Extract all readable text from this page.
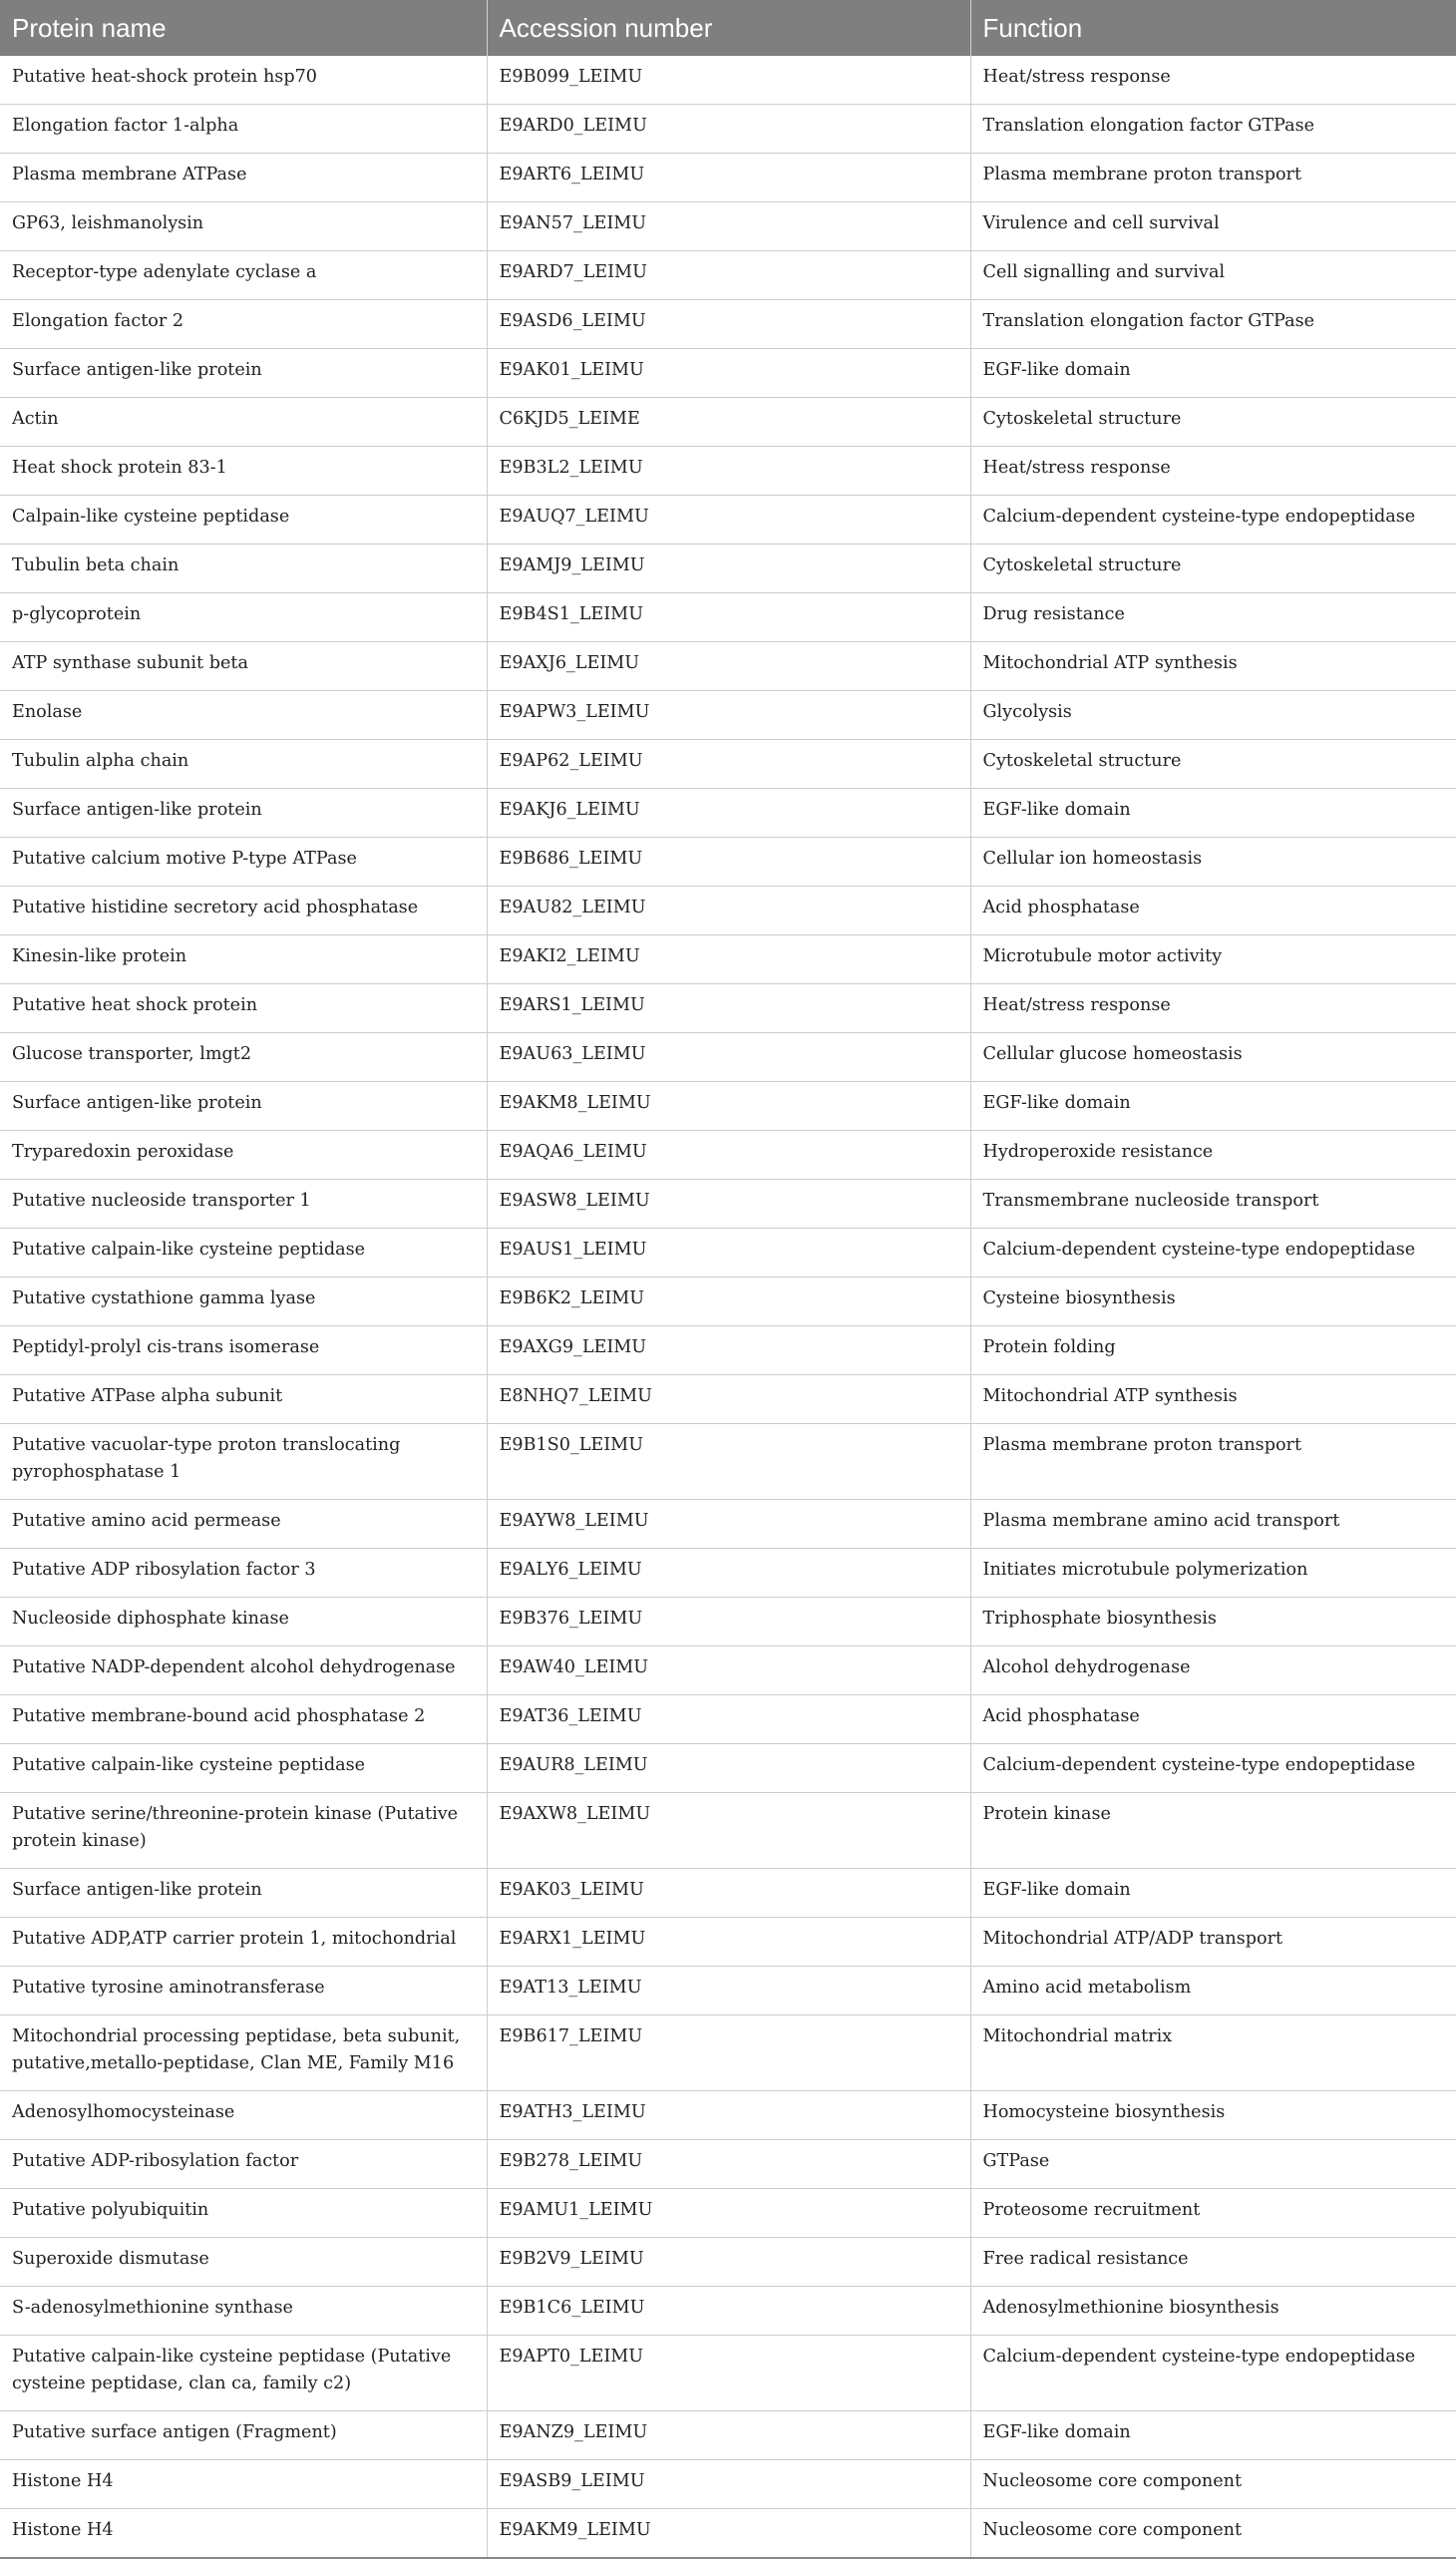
Protein name	Accession number	Function
Putative heat-shock protein hsp70	E9B099_LEIMU	Heat/stress response
Elongation factor 1-alpha	E9ARD0_LEIMU	Translation elongation factor GTPase
Plasma membrane ATPase	E9ART6_LEIMU	Plasma membrane proton transport
GP63, leishmanolysin	E9AN57_LEIMU	Virulence and cell survival
Receptor-type adenylate cyclase a	E9ARD7_LEIMU	Cell signalling and survival
Elongation factor 2	E9ASD6_LEIMU	Translation elongation factor GTPase
Surface antigen-like protein	E9AK01_LEIMU	EGF-like domain
Actin	C6KJD5_LEIME	Cytoskeletal structure
Heat shock protein 83-1	E9B3L2_LEIMU	Heat/stress response
Calpain-like cysteine peptidase	E9AUQ7_LEIMU	Calcium-dependent cysteine-type endopeptidase
Tubulin beta chain	E9AMJ9_LEIMU	Cytoskeletal structure
p-glycoprotein	E9B4S1_LEIMU	Drug resistance
ATP synthase subunit beta	E9AXJ6_LEIMU	Mitochondrial ATP synthesis
Enolase	E9APW3_LEIMU	Glycolysis
Tubulin alpha chain	E9AP62_LEIMU	Cytoskeletal structure
Surface antigen-like protein	E9AKJ6_LEIMU	EGF-like domain
Putative calcium motive P-type ATPase	E9B686_LEIMU	Cellular ion homeostasis
Putative histidine secretory acid phosphatase	E9AU82_LEIMU	Acid phosphatase
Kinesin-like protein	E9AKI2_LEIMU	Microtubule motor activity
Putative heat shock protein	E9ARS1_LEIMU	Heat/stress response
Glucose transporter, lmgt2	E9AU63_LEIMU	Cellular glucose homeostasis
Surface antigen-like protein	E9AKM8_LEIMU	EGF-like domain
Tryparedoxin peroxidase	E9AQA6_LEIMU	Hydroperoxide resistance
Putative nucleoside transporter 1	E9ASW8_LEIMU	Transmembrane nucleoside transport
Putative calpain-like cysteine peptidase	E9AUS1_LEIMU	Calcium-dependent cysteine-type endopeptidase
Putative cystathione gamma lyase	E9B6K2_LEIMU	Cysteine biosynthesis
Peptidyl-prolyl cis-trans isomerase	E9AXG9_LEIMU	Protein folding
Putative ATPase alpha subunit	E8NHQ7_LEIMU	Mitochondrial ATP synthesis
Putative vacuolar-type proton translocating pyrophosphatase 1	E9B1S0_LEIMU	Plasma membrane proton transport
Putative amino acid permease	E9AYW8_LEIMU	Plasma membrane amino acid transport
Putative ADP ribosylation factor 3	E9ALY6_LEIMU	Initiates microtubule polymerization
Nucleoside diphosphate kinase	E9B376_LEIMU	Triphosphate biosynthesis
Putative NADP-dependent alcohol dehydrogenase	E9AW40_LEIMU	Alcohol dehydrogenase
Putative membrane-bound acid phosphatase 2	E9AT36_LEIMU	Acid phosphatase
Putative calpain-like cysteine peptidase	E9AUR8_LEIMU	Calcium-dependent cysteine-type endopeptidase
Putative serine/threonine-protein kinase (Putative protein kinase)	E9AXW8_LEIMU	Protein kinase
Surface antigen-like protein	E9AK03_LEIMU	EGF-like domain
Putative ADP,ATP carrier protein 1, mitochondrial	E9ARX1_LEIMU	Mitochondrial ATP/ADP transport
Putative tyrosine aminotransferase	E9AT13_LEIMU	Amino acid metabolism
Mitochondrial processing peptidase, beta subunit, putative,metallo-peptidase, Clan ME, Family M16	E9B617_LEIMU	Mitochondrial matrix
Adenosylhomocysteinase	E9ATH3_LEIMU	Homocysteine biosynthesis
Putative ADP-ribosylation factor	E9B278_LEIMU	GTPase
Putative polyubiquitin	E9AMU1_LEIMU	Proteosome recruitment
Superoxide dismutase	E9B2V9_LEIMU	Free radical resistance
S-adenosylmethionine synthase	E9B1C6_LEIMU	Adenosylmethionine biosynthesis
Putative calpain-like cysteine peptidase (Putative cysteine peptidase, clan ca, family c2)	E9APT0_LEIMU	Calcium-dependent cysteine-type endopeptidase
Putative surface antigen (Fragment)	E9ANZ9_LEIMU	EGF-like domain
Histone H4	E9ASB9_LEIMU	Nucleosome core component
Histone H4	E9AKM9_LEIMU	Nucleosome core component
